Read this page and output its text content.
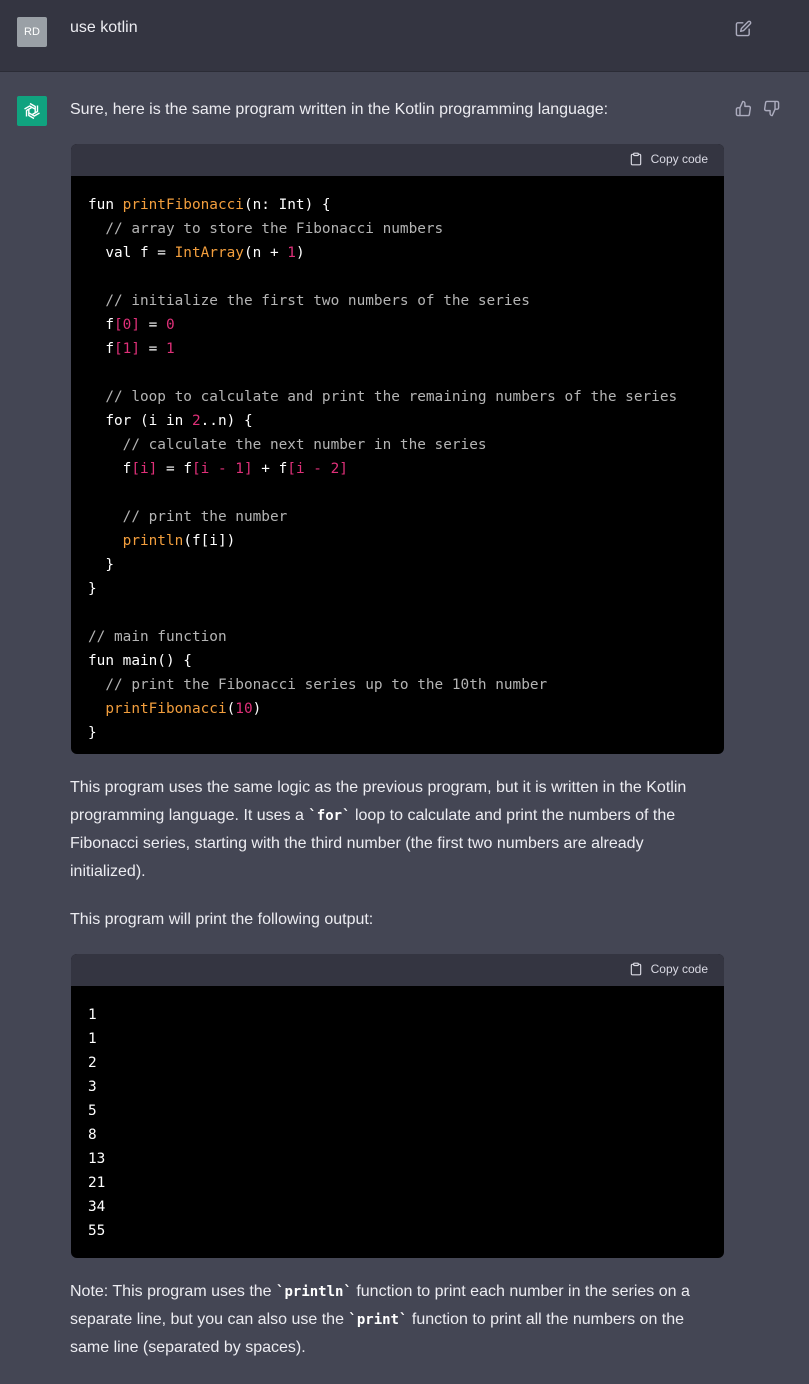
RD	use kotlin
Sure, here is the same program written in the Kotlin programming language:
Copy code
fun printFibonacci(n: Int) {
// array to store the Fibonacci numbers
val f = IntArray(n + 1)

// initialize the first two numbers of the series
f[0] = 0
f[1] = 1

// loop to calculate and print the remaining numbers of the series
for (i in 2..n) {
// calculate the next number in the series
f[i] = f[i - 1] + f[i - 2]

// print the number
println(f[i])
}
}

// main function
fun main() {
// print the Fibonacci series up to the 10th number
printFibonacci(10)
}
This program uses the same logic as the previous program, but it is written in the Kotlin programming language. It uses a `for` loop to calculate and print the numbers of the Fibonacci series, starting with the third number (the first two numbers are already initialized).
This program will print the following output:
Copy code
1
1
2
3
5
8
13
21
34
55
Note: This program uses the `println` function to print each number in the series on a separate line, but you can also use the `print` function to print all the numbers on the same line (separated by spaces).
